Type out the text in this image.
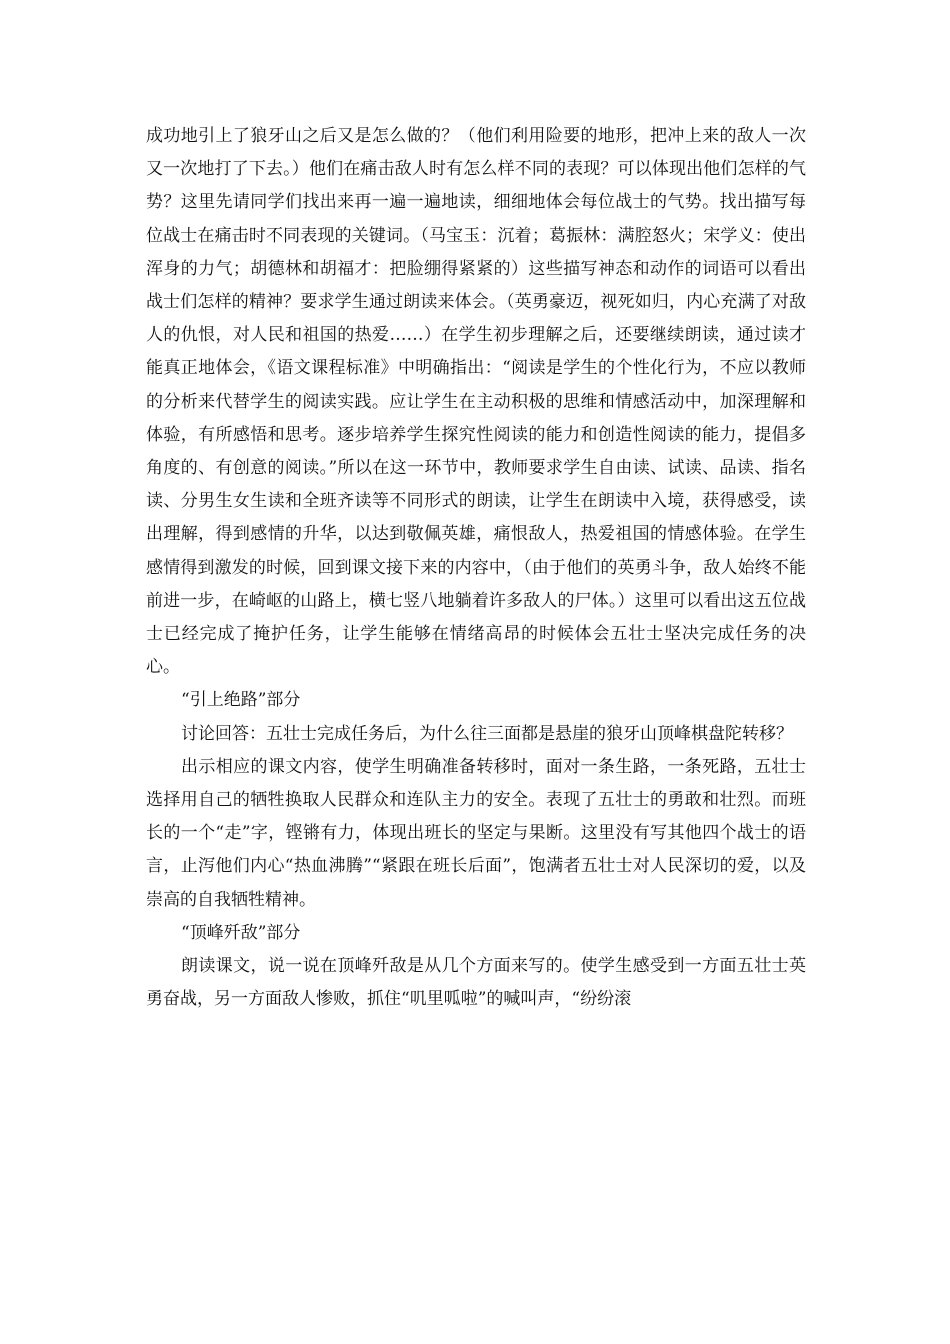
成功地引上了狼牙山之后又是怎么做的？（他们利用险要的地形，把冲上来的敌人一次又一次地打了下去。）他们在痛击敌人时有怎么样不同的表现？可以体现出他们怎样的气势？这里先请同学们找出来再一遍一遍地读，细细地体会每位战士的气势。找出描写每位战士在痛击时不同表现的关键词。（马宝玉：沉着；葛振林：满腔怒火；宋学义：使出浑身的力气；胡德林和胡福才：把脸绷得紧紧的）这些描写神态和动作的词语可以看出战士们怎样的精神？要求学生通过朗读来体会。（英勇豪迈，视死如归，内心充满了对敌人的仇恨，对人民和祖国的热爱……）在学生初步理解之后，还要继续朗读，通过读才能真正地体会，《语文课程标准》中明确指出：“阅读是学生的个性化行为，不应以教师的分析来代替学生的阅读实践。应让学生在主动积极的思维和情感活动中，加深理解和体验，有所感悟和思考。逐步培养学生探究性阅读的能力和创造性阅读的能力，提倡多角度的、有创意的阅读。”所以在这一环节中，教师要求学生自由读、试读、品读、指名读、分男生女生读和全班齐读等不同形式的朗读，让学生在朗读中入境，获得感受，读出理解，得到感情的升华，以达到敬佩英雄，痛恨敌人，热爱祖国的情感体验。在学生感情得到激发的时候，回到课文接下来的内容中，（由于他们的英勇斗争，敌人始终不能前进一步，在崎岖的山路上，横七竖八地躺着许多敌人的尸体。）这里可以看出这五位战士已经完成了掩护任务，让学生能够在情绪高昂的时候体会五壮士坚决完成任务的决心。

“引上绝路”部分

讨论回答：五壮士完成任务后，为什么往三面都是悬崖的狼牙山顶峰棋盘陀转移？

出示相应的课文内容，使学生明确准备转移时，面对一条生路，一条死路，五壮士选择用自己的牺牲换取人民群众和连队主力的安全。表现了五壮士的勇敢和壮烈。而班长的一个“走”字，铿锵有力，体现出班长的坚定与果断。这里没有写其他四个战士的语言，止泻他们内心“热血沸腾”“紧跟在班长后面”，饱满者五壮士对人民深切的爱，以及崇高的自我牺牲精神。

“顶峰歼敌”部分

朗读课文，说一说在顶峰歼敌是从几个方面来写的。使学生感受到一方面五壮士英勇奋战，另一方面敌人惨败，抓住“叽里呱啦”的喊叫声，“纷纷滚
